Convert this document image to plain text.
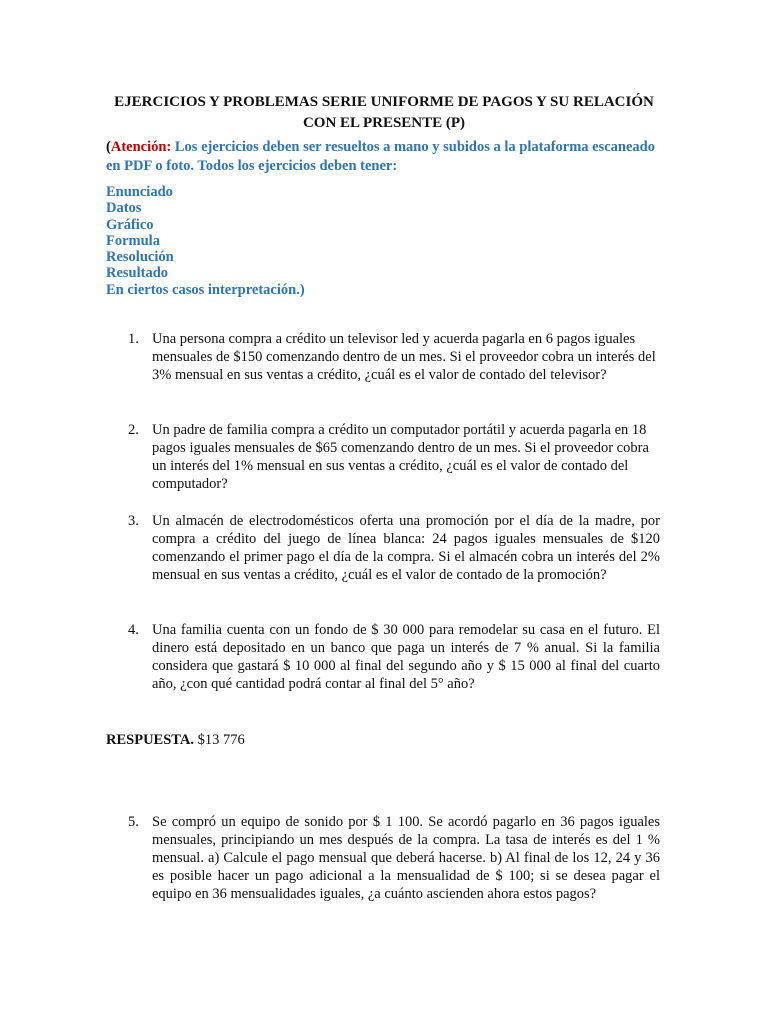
EJERCICIOS Y PROBLEMAS SERIE UNIFORME DE PAGOS Y SU RELACIÓN
CON EL PRESENTE (P)

(Atención: Los ejercicios deben ser resueltos a mano y subidos a la plataforma escaneado en PDF o foto. Todos los ejercicios deben tener:

Enunciado
Datos
Gráfico
Formula
Resolución
Resultado
En ciertos casos interpretación.)
1. Una persona compra a crédito un televisor led y acuerda pagarla en 6 pagos iguales mensuales de $150 comenzando dentro de un mes. Si el proveedor cobra un interés del 3% mensual en sus ventas a crédito, ¿cuál es el valor de contado del televisor?
2. Un padre de familia compra a crédito un computador portátil y acuerda pagarla en 18 pagos iguales mensuales de $65 comenzando dentro de un mes. Si el proveedor cobra un interés del 1% mensual en sus ventas a crédito, ¿cuál es el valor de contado del computador?
3. Un almacén de electrodomésticos oferta una promoción por el día de la madre, por compra a crédito del juego de línea blanca: 24 pagos iguales mensuales de $120 comenzando el primer pago el día de la compra. Si el almacén cobra un interés del 2% mensual en sus ventas a crédito, ¿cuál es el valor de contado de la promoción?
4. Una familia cuenta con un fondo de $ 30 000 para remodelar su casa en el futuro. El dinero está depositado en un banco que paga un interés de 7 % anual. Si la familia considera que gastará $ 10 000 al final del segundo año y $ 15 000 al final del cuarto año, ¿con qué cantidad podrá contar al final del 5° año?

RESPUESTA. $13 776

5. Se compró un equipo de sonido por $ 1 100. Se acordó pagarlo en 36 pagos iguales mensuales, principiando un mes después de la compra. La tasa de interés es del 1 % mensual. a) Calcule el pago mensual que deberá hacerse. b) Al final de los 12, 24 y 36 es posible hacer un pago adicional a la mensualidad de $ 100; si se desea pagar el equipo en 36 mensualidades iguales, ¿a cuánto ascienden ahora estos pagos?
